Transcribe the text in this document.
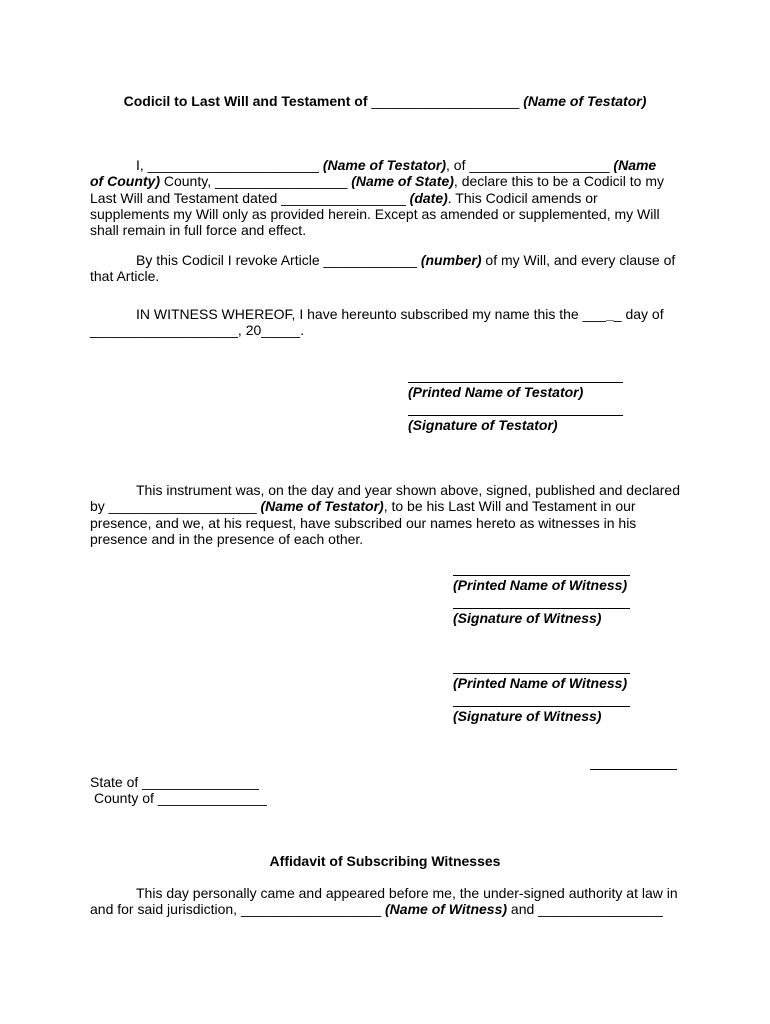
Codicil to Last Will and Testament of ___________________ (Name of Testator)
I, ______________________ (Name of Testator), of __________________ (Name
of County) County, _________________ (Name of State), declare this to be a Codicil to my
Last Will and Testament dated ________________ (date). This Codicil amends or
supplements my Will only as provided herein. Except as amended or supplemented, my Will
shall remain in full force and effect.
By this Codicil I revoke Article ____________ (number) of my Will, and every clause of
that Article.
IN WITNESS WHEREOF, I have hereunto subscribed my name this the _____ day of
___________________, 20_____.
(Printed Name of Testator)
(Signature of Testator)
This instrument was, on the day and year shown above, signed, published and declared
by ___________________ (Name of Testator), to be his Last Will and Testament in our
presence, and we, at his request, have subscribed our names hereto as witnesses in his
presence and in the presence of each other.
(Printed Name of Witness)
(Signature of Witness)
(Printed Name of Witness)
(Signature of Witness)
State of _______________
County of ______________
Affidavit of Subscribing Witnesses
This day personally came and appeared before me, the under-signed authority at law in
and for said jurisdiction, __________________ (Name of Witness) and ________________
